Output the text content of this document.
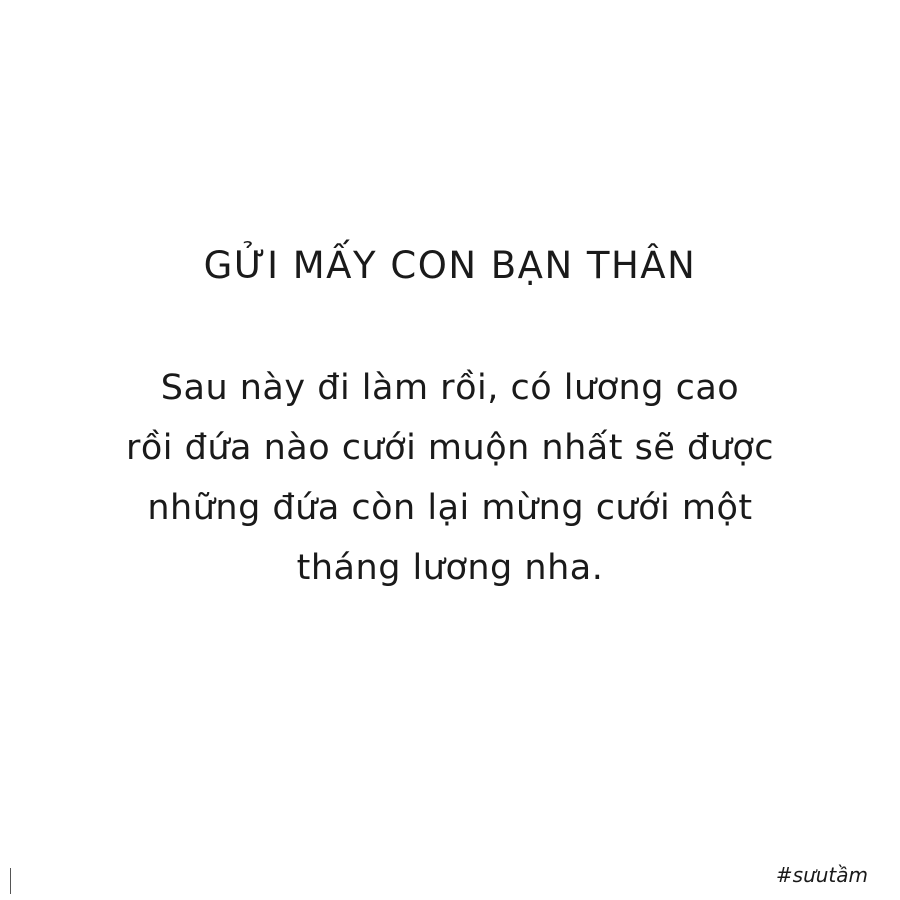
GỬI MẤY CON BẠN THÂN

Sau này đi làm rồi, có lương cao
rồi đứa nào cưới muộn nhất sẽ được
những đứa còn lại mừng cưới một
tháng lương nha.

#sưutầm
